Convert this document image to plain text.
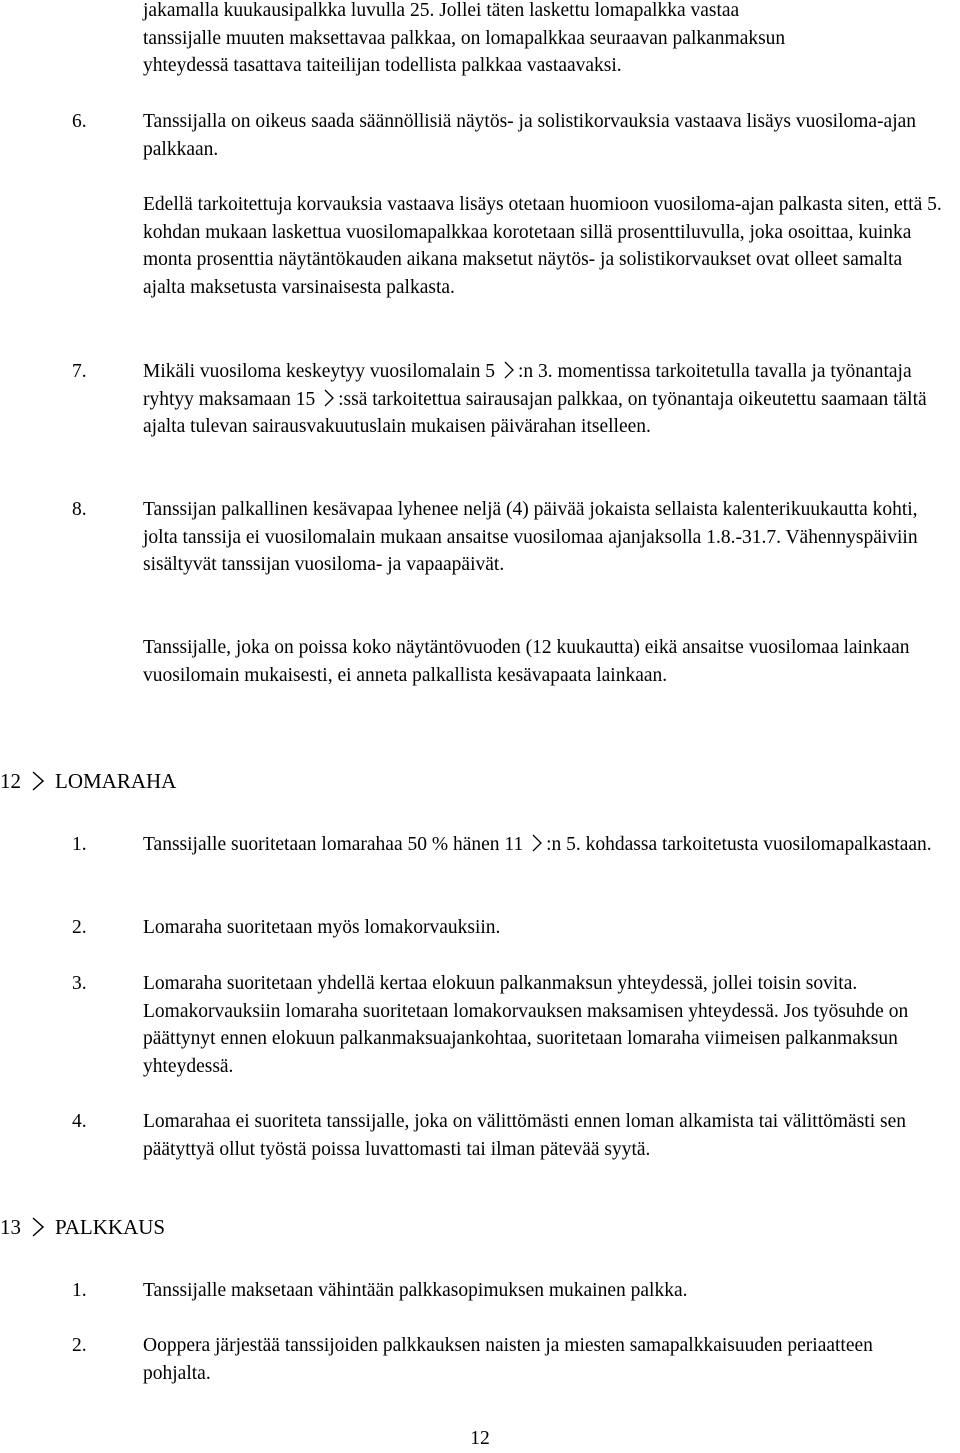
jakamalla kuukausipalkka luvulla 25. Jollei täten laskettu lomapalkka vastaa
tanssijalle muuten maksettavaa palkkaa, on lomapalkkaa seuraavan palkanmaksun
yhteydessä tasattava taiteilijan todellista palkkaa vastaavaksi.
6.	Tanssijalla on oikeus saada säännöllisiä näytös- ja solistikorvauksia vastaava lisäys vuosiloma-ajan palkkaan.
Edellä tarkoitettuja korvauksia vastaava lisäys otetaan huomioon vuosiloma-ajan palkasta siten, että 5. kohdan mukaan laskettua vuosilomapalkkaa korotetaan sillä prosenttiluvulla, joka osoittaa, kuinka monta prosenttia näytäntökauden aikana maksetut näytös- ja solistikorvaukset ovat olleet samalta ajalta maksetusta varsinaisesta palkasta.
7.	Mikäli vuosiloma keskeytyy vuosilomalain 5 :n 3. momentissa tarkoitetulla tavalla ja työnantaja ryhtyy maksamaan 15 :ssä tarkoitettua sairausajan palkkaa, on työnantaja oikeutettu saamaan tältä ajalta tulevan sairausvakuutuslain mukaisen päivärahan itselleen.
8.	Tanssijan palkallinen kesävapaa lyhenee neljä (4) päivää jokaista sellaista kalenterikuukautta kohti, jolta tanssija ei vuosilomalain mukaan ansaitse vuosilomaa ajanjaksolla 1.8.-31.7. Vähennyspäiviin sisältyvät tanssijan vuosiloma- ja vapaapäivät.
Tanssijalle, joka on poissa koko näytäntövuoden (12 kuukautta) eikä ansaitse vuosilomaa lainkaan vuosilomain mukaisesti, ei anneta palkallista kesävapaata lainkaan.
12 LOMARAHA
1.	Tanssijalle suoritetaan lomarahaa 50 % hänen 11 :n 5. kohdassa tarkoitetusta vuosilomapalkastaan.
2.	Lomaraha suoritetaan myös lomakorvauksiin.
3.	Lomaraha suoritetaan yhdellä kertaa elokuun palkanmaksun yhteydessä, jollei toisin sovita. Lomakorvauksiin lomaraha suoritetaan lomakorvauksen maksamisen yhteydessä. Jos työsuhde on päättynyt ennen elokuun palkanmaksuajankohtaa, suoritetaan lomaraha viimeisen palkanmaksun yhteydessä.
4.	Lomarahaa ei suoriteta tanssijalle, joka on välittömästi ennen loman alkamista tai välittömästi sen päätyttyä ollut työstä poissa luvattomasti tai ilman pätevää syytä.
13 PALKKAUS
1.	Tanssijalle maksetaan vähintään palkkasopimuksen mukainen palkka.
2.	Ooppera järjestää tanssijoiden palkkauksen naisten ja miesten samapalkkaisuuden periaatteen pohjalta.
12
